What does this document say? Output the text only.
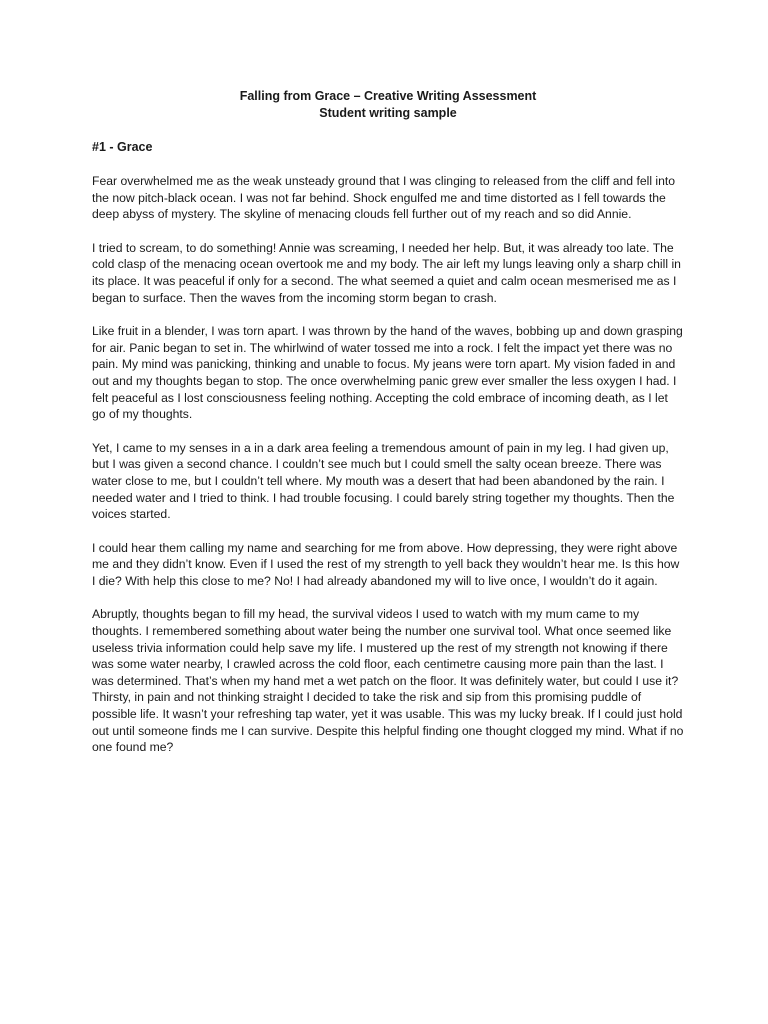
Falling from Grace – Creative Writing Assessment
Student writing sample
#1 - Grace

Fear overwhelmed me as the weak unsteady ground that I was clinging to released from the cliff and fell into the now pitch-black ocean. I was not far behind. Shock engulfed me and time distorted as I fell towards the deep abyss of mystery. The skyline of menacing clouds fell further out of my reach and so did Annie.

I tried to scream, to do something! Annie was screaming, I needed her help. But, it was already too late. The cold clasp of the menacing ocean overtook me and my body. The air left my lungs leaving only a sharp chill in its place. It was peaceful if only for a second. The what seemed a quiet and calm ocean mesmerised me as I began to surface. Then the waves from the incoming storm began to crash.

Like fruit in a blender, I was torn apart. I was thrown by the hand of the waves, bobbing up and down grasping for air. Panic began to set in. The whirlwind of water tossed me into a rock. I felt the impact yet there was no pain. My mind was panicking, thinking and unable to focus. My jeans were torn apart. My vision faded in and out and my thoughts began to stop. The once overwhelming panic grew ever smaller the less oxygen I had. I felt peaceful as I lost consciousness feeling nothing. Accepting the cold embrace of incoming death, as I let go of my thoughts.

Yet, I came to my senses in a in a dark area feeling a tremendous amount of pain in my leg. I had given up, but I was given a second chance. I couldn’t see much but I could smell the salty ocean breeze. There was water close to me, but I couldn’t tell where. My mouth was a desert that had been abandoned by the rain. I needed water and I tried to think. I had trouble focusing. I could barely string together my thoughts. Then the voices started.

I could hear them calling my name and searching for me from above. How depressing, they were right above me and they didn’t know. Even if I used the rest of my strength to yell back they wouldn’t hear me. Is this how I die? With help this close to me? No! I had already abandoned my will to live once, I wouldn’t do it again.

Abruptly, thoughts began to fill my head, the survival videos I used to watch with my mum came to my thoughts. I remembered something about water being the number one survival tool. What once seemed like useless trivia information could help save my life. I mustered up the rest of my strength not knowing if there was some water nearby, I crawled across the cold floor, each centimetre causing more pain than the last. I was determined. That’s when my hand met a wet patch on the floor. It was definitely water, but could I use it? Thirsty, in pain and not thinking straight I decided to take the risk and sip from this promising puddle of possible life. It wasn’t your refreshing tap water, yet it was usable. This was my lucky break. If I could just hold out until someone finds me I can survive. Despite this helpful finding one thought clogged my mind. What if no one found me?
